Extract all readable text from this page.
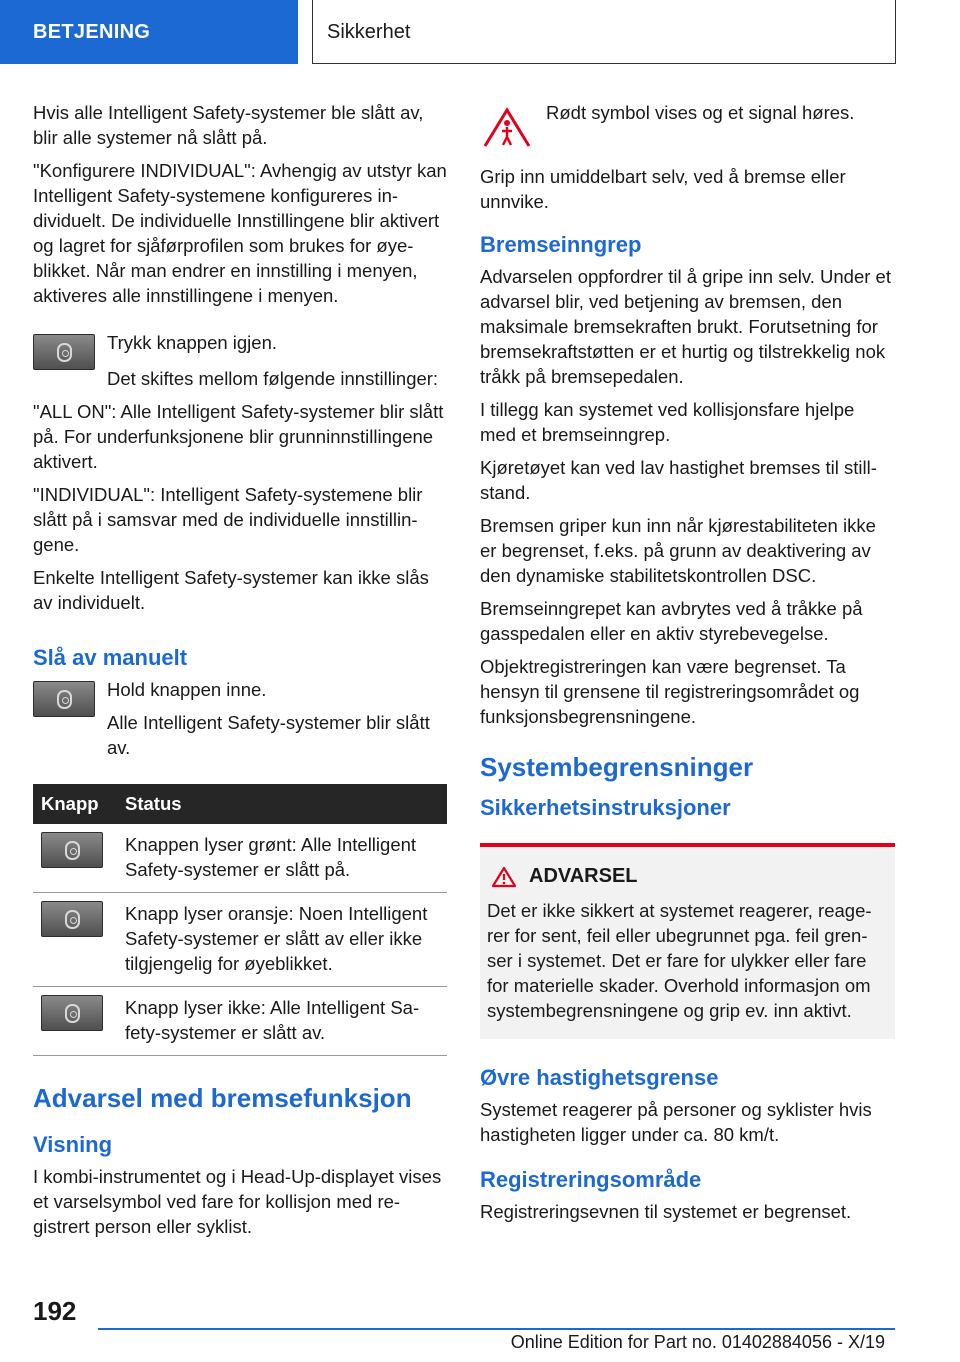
BETJENING	Sikkerhet

Hvis alle Intelligent Safety-systemer ble slått av, blir alle systemer nå slått på.

"Konfigurere INDIVIDUAL": Avhengig av utstyr kan Intelligent Safety-systemene konfigureres individuelt. De individuelle Innstillingene blir aktivert og lagret for sjåførprofilen som brukes for øyeblikket. Når man endrer en innstilling i menyen, aktiveres alle innstillingene i menyen.

Trykk knappen igjen.

Det skiftes mellom følgende innstillinger:

"ALL ON": Alle Intelligent Safety-systemer blir slått på. For underfunksjonene blir grunninnstillingene aktivert.

"INDIVIDUAL": Intelligent Safety-systemene blir slått på i samsvar med de individuelle innstillingene.

Enkelte Intelligent Safety-systemer kan ikke slås av individuelt.

Slå av manuelt

Hold knappen inne.

Alle Intelligent Safety-systemer blir slått av.

Knapp	Status

	Knappen lyser grønt: Alle Intelligent Safety-systemer er slått på.

	Knapp lyser oransje: Noen Intelligent Safety-systemer er slått av eller ikke tilgjengelig for øyeblikket.

	Knapp lyser ikke: Alle Intelligent Safety-systemer er slått av.
Advarsel med bremsefunksjon
Visning

I kombi-instrumentet og i Head-Up-displayet vises et varselsymbol ved fare for kollisjon med registrert person eller syklist.

Rødt symbol vises og et signal høres.

Grip inn umiddelbart selv, ved å bremse eller unnvike.

Bremseinngrep

Advarselen oppfordrer til å gripe inn selv. Under et advarsel blir, ved betjening av bremsen, den maksimale bremsekraften brukt. Forutsetning for bremsekraftstøtten er et hurtig og tilstrekkelig nok tråkk på bremsepedalen.

I tillegg kan systemet ved kollisjonsfare hjelpe med et bremseinngrep.

Kjøretøyet kan ved lav hastighet bremses til stillstand.

Bremsen griper kun inn når kjørestabiliteten ikke er begrenset, f.eks. på grunn av deaktivering av den dynamiske stabilitetskontrollen DSC.

Bremseinngrepet kan avbrytes ved å tråkke på gasspedalen eller en aktiv styrebevegelse.

Objektregistreringen kan være begrenset. Ta hensyn til grensene til registreringsområdet og funksjonsbegrensningene.

Systembegrensninger
Sikkerhetsinstruksjoner
ADVARSEL

Det er ikke sikkert at systemet reagerer, reagerer for sent, feil eller ubegrunnet pga. feil grenser i systemet. Det er fare for ulykker eller fare for materielle skader. Overhold informasjon om systembegrensningene og grip ev. inn aktivt.

Øvre hastighetsgrense

Systemet reagerer på personer og syklister hvis hastigheten ligger under ca. 80 km/t.

Registreringsområde

Registreringsevnen til systemet er begrenset.

192
Online Edition for Part no. 01402884056 - X/19
